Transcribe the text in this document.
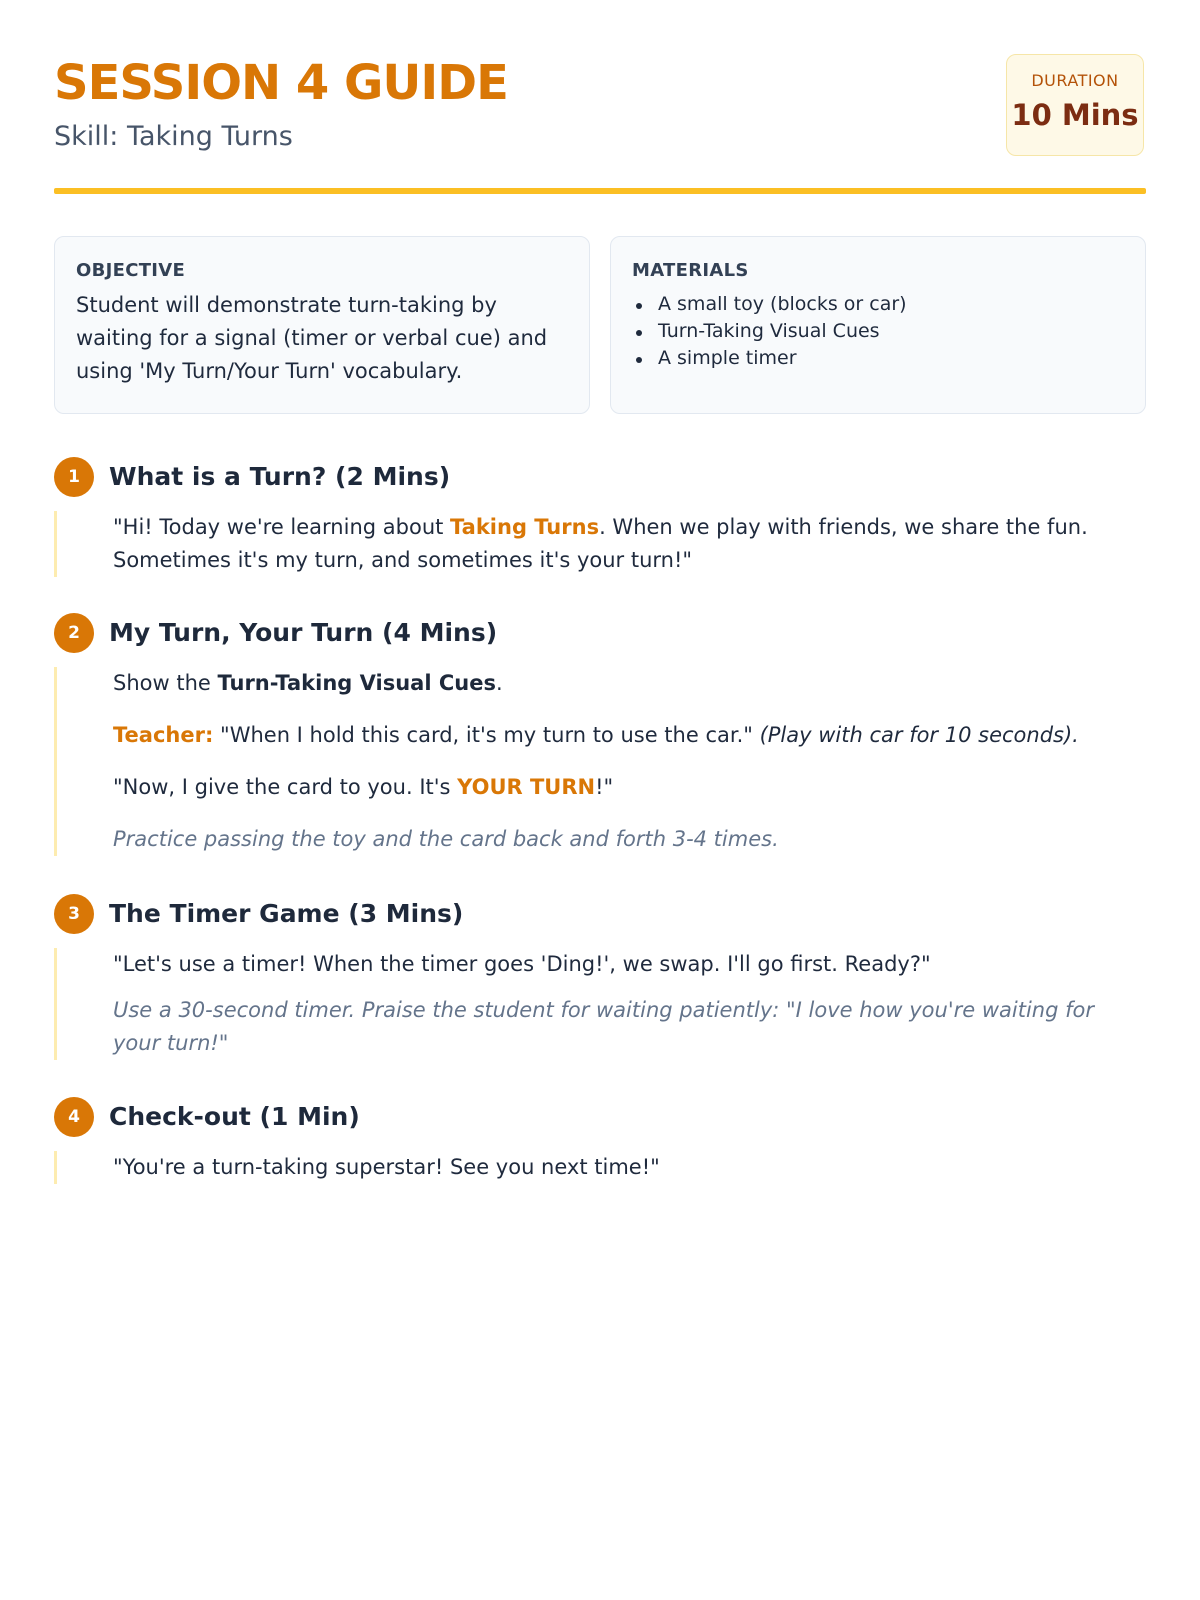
SESSION 4 GUIDE
Skill: Taking Turns
DURATION
10 Mins
OBJECTIVE
Student will demonstrate turn-taking by waiting for a signal (timer or verbal cue) and using 'My Turn/Your Turn' vocabulary.
MATERIALS
A small toy (blocks or car)
Turn-Taking Visual Cues
A simple timer
1	What is a Turn? (2 Mins)

"Hi! Today we're learning about Taking Turns. When we play with friends, we share the fun. Sometimes it's my turn, and sometimes it's your turn!"

2	My Turn, Your Turn (4 Mins)

Show the Turn-Taking Visual Cues.

Teacher: "When I hold this card, it's my turn to use the car." (Play with car for 10 seconds).

"Now, I give the card to you. It's YOUR TURN!"

Practice passing the toy and the card back and forth 3-4 times.

3	The Timer Game (3 Mins)

"Let's use a timer! When the timer goes 'Ding!', we swap. I'll go first. Ready?"

Use a 30-second timer. Praise the student for waiting patiently: "I love how you're waiting for your turn!"

4	Check-out (1 Min)

"You're a turn-taking superstar! See you next time!"
